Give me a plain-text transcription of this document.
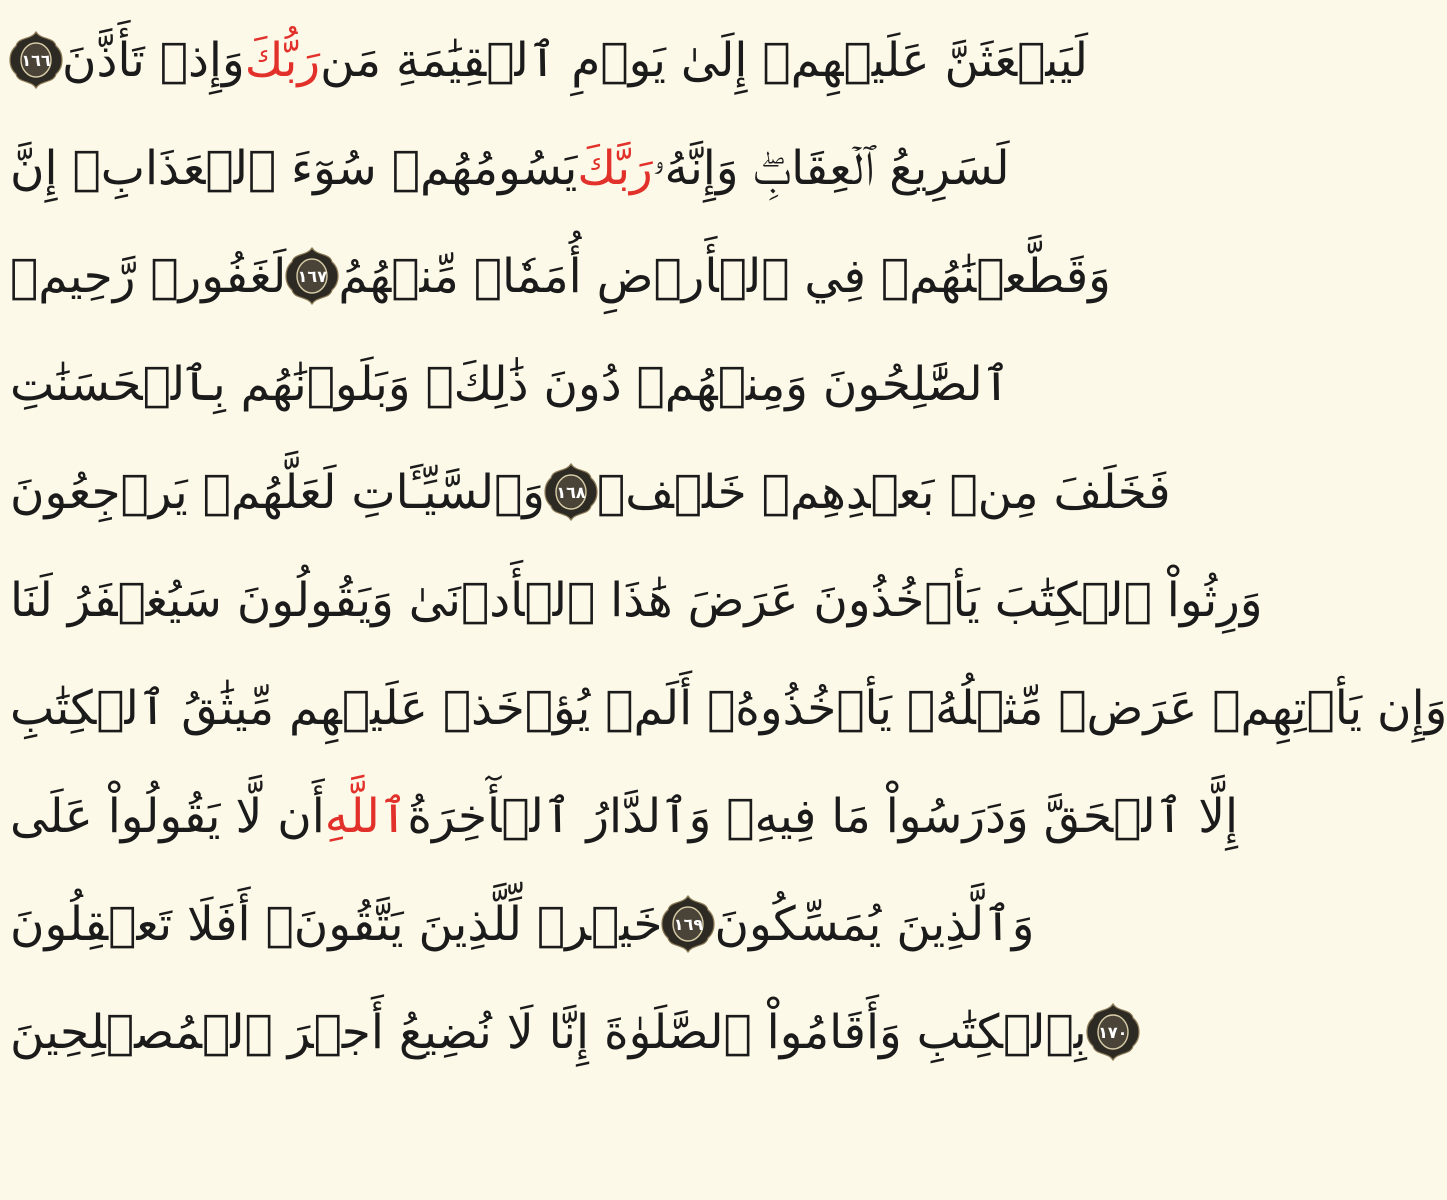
١٦٦ وَإِذۡ تَأَذَّنَ رَبُّكَ لَيَبۡعَثَنَّ عَلَيۡهِمۡ إِلَىٰ يَوۡمِ ٱلۡقِيَٰمَةِ مَن
يَسُومُهُمۡ سُوٓءَ ٱلۡعَذَابِۗ إِنَّ رَبَّكَ لَسَرِيعُ ٱلۡعِقَابِۖ وَإِنَّهُۥ
لَغَفُورٞ رَّحِيمٞ ١٦٧ وَقَطَّعۡنَٰهُمۡ فِي ٱلۡأَرۡضِ أُمَمٗاۖ مِّنۡهُمُ
ٱلصَّٰلِحُونَ وَمِنۡهُمۡ دُونَ ذَٰلِكَۖ وَبَلَوۡنَٰهُم بِٱلۡحَسَنَٰتِ
وَٱلسَّيِّـَٔاتِ لَعَلَّهُمۡ يَرۡجِعُونَ ١٦٨ فَخَلَفَ مِنۢ بَعۡدِهِمۡ خَلۡفٞ
وَرِثُواْ ٱلۡكِتَٰبَ يَأۡخُذُونَ عَرَضَ هَٰذَا ٱلۡأَدۡنَىٰ وَيَقُولُونَ سَيُغۡفَرُ لَنَا
وَإِن يَأۡتِهِمۡ عَرَضٞ مِّثۡلُهُۥ يَأۡخُذُوهُۚ أَلَمۡ يُؤۡخَذۡ عَلَيۡهِم مِّيثَٰقُ ٱلۡكِتَٰبِ
أَن لَّا يَقُولُواْ عَلَى ٱللَّهِ إِلَّا ٱلۡحَقَّ وَدَرَسُواْ مَا فِيهِۗ وَٱلدَّارُ ٱلۡأٓخِرَةُ
خَيۡرٞ لِّلَّذِينَ يَتَّقُونَۚ أَفَلَا تَعۡقِلُونَ ١٦٩ وَٱلَّذِينَ يُمَسِّكُونَ
بِٱلۡكِتَٰبِ وَأَقَامُواْ ٱلصَّلَوٰةَ إِنَّا لَا نُضِيعُ أَجۡرَ ٱلۡمُصۡلِحِينَ ١٧٠
